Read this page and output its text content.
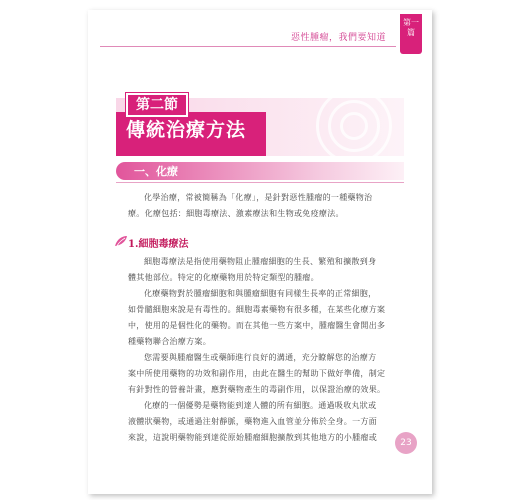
惡性腫瘤，我們要知道
第一
篇
傳統治療方法
第二節
一、化療

化學治療，常被簡稱為「化療」，是針對惡性腫瘤的一種藥物治
療。化療包括：細胞毒療法、激素療法和生物或免疫療法。

1.細胞毒療法

細胞毒療法是指使用藥物阻止腫瘤細胞的生長、繁殖和擴散到身
體其他部位。特定的化療藥物用於特定類型的腫瘤。

化療藥物對於腫瘤細胞和與腫瘤細胞有同樣生長率的正常細胞，
如骨髓細胞來說是有毒性的。細胞毒素藥物有很多種，在某些化療方案
中，使用的是個性化的藥物。而在其他一些方案中，腫瘤醫生會開出多
種藥物聯合治療方案。

您需要與腫瘤醫生或藥師進行良好的溝通，充分瞭解您的治療方
案中所使用藥物的功效和副作用，由此在醫生的幫助下做好準備，制定
有針對性的營養計畫，應對藥物產生的毒副作用，以保證治療的效果。

化療的一個優勢是藥物能到達人體的所有細胞。通過吸收丸狀或
液體狀藥物，或通過注射靜脈，藥物進入血管並分佈於全身。一方面
來說，這說明藥物能到達從原始腫瘤細胞擴散到其他地方的小腫瘤或

23
